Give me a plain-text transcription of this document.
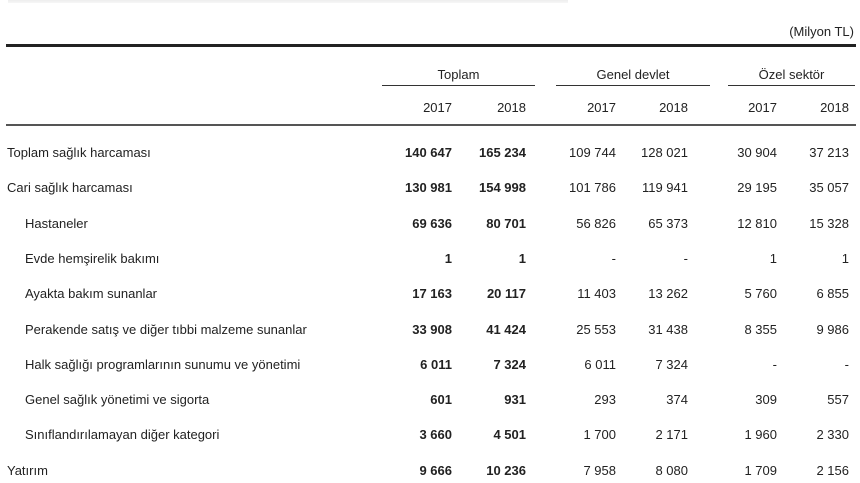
(Milyon TL)
Toplam	Genel devlet	Özel sektör
2017	2018	2017	2018	2017	2018
Toplam sağlık harcaması	140 647	165 234	109 744	128 021	30 904	37 213
Cari sağlık harcaması	130 981	154 998	101 786	119 941	29 195	35 057
Hastaneler	69 636	80 701	56 826	65 373	12 810	15 328
Evde hemşirelik bakımı	1	1	-	-	1	1
Ayakta bakım sunanlar	17 163	20 117	11 403	13 262	5 760	6 855
Perakende satış ve diğer tıbbi malzeme sunanlar	33 908	41 424	25 553	31 438	8 355	9 986
Halk sağlığı programlarının sunumu ve yönetimi	6 011	7 324	6 011	7 324	-	-
Genel sağlık yönetimi ve sigorta	601	931	293	374	309	557
Sınıflandırılamayan diğer kategori	3 660	4 501	1 700	2 171	1 960	2 330
Yatırım	9 666	10 236	7 958	8 080	1 709	2 156
